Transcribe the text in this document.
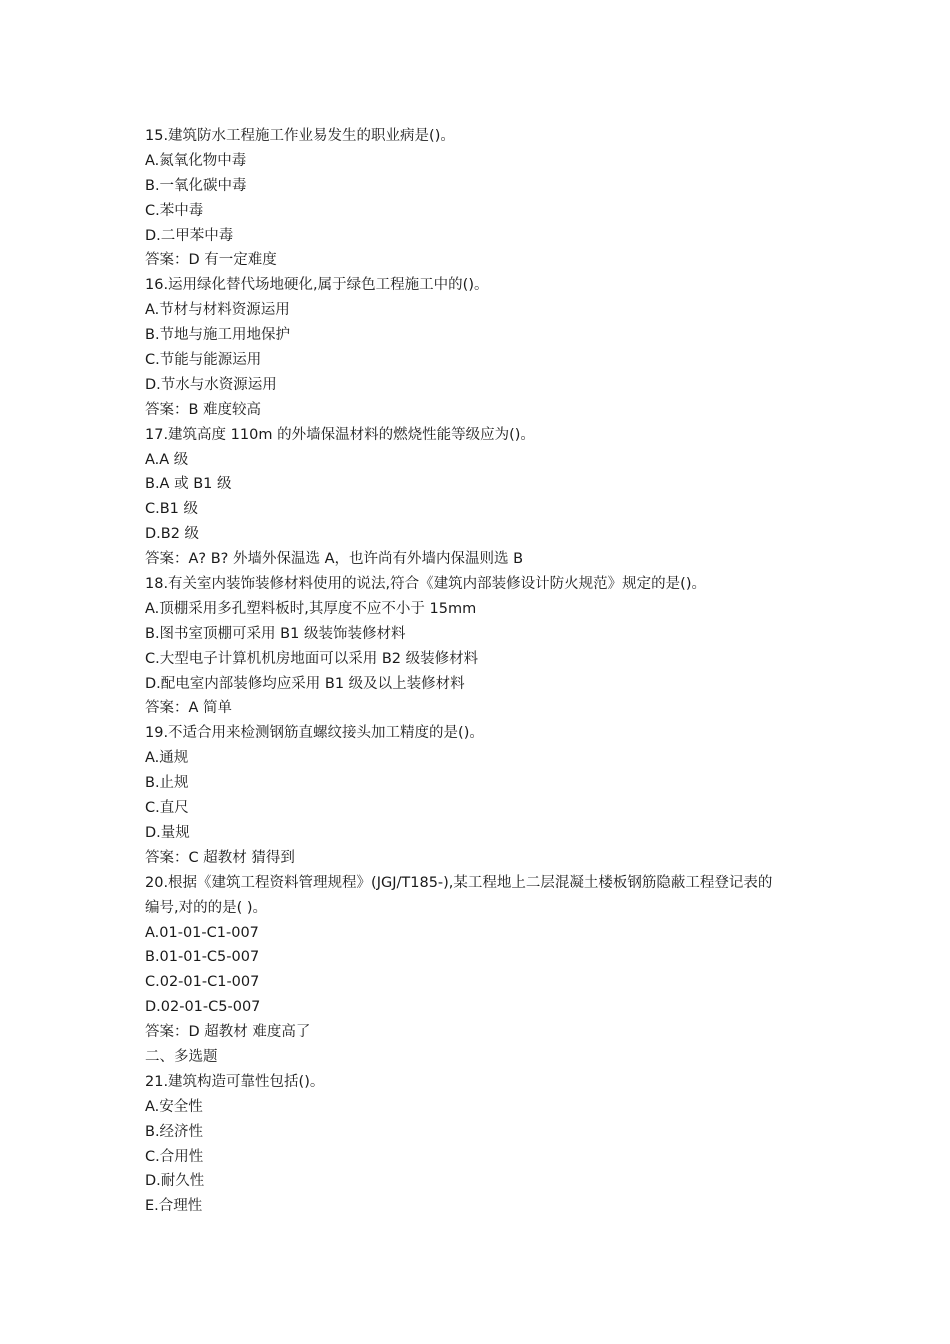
15.建筑防水工程施工作业易发生的职业病是()。
A.氮氧化物中毒
B.一氧化碳中毒
C.苯中毒
D.二甲苯中毒
答案：D 有一定难度
16.运用绿化替代场地硬化,属于绿色工程施工中的()。
A.节材与材料资源运用
B.节地与施工用地保护
C.节能与能源运用
D.节水与水资源运用
答案：B 难度较高
17.建筑高度 110m 的外墙保温材料的燃烧性能等级应为()。
A.A 级
B.A 或 B1 级
C.B1 级
D.B2 级
答案：A? B? 外墙外保温选 A，也许尚有外墙内保温则选 B
18.有关室内装饰装修材料使用的说法,符合《建筑内部装修设计防火规范》规定的是()。
A.顶棚采用多孔塑料板时,其厚度不应不小于 15mm
B.图书室顶棚可采用 B1 级装饰装修材料
C.大型电子计算机机房地面可以采用 B2 级装修材料
D.配电室内部装修均应采用 B1 级及以上装修材料
答案：A 简单
19.不适合用来检测钢筋直螺纹接头加工精度的是()。
A.通规
B.止规
C.直尺
D.量规
答案：C 超教材 猜得到
20.根据《建筑工程资料管理规程》(JGJ/T185-),某工程地上二层混凝土楼板钢筋隐蔽工程登记表的
编号,对的的是( )。
A.01-01-C1-007
B.01-01-C5-007
C.02-01-C1-007
D.02-01-C5-007
答案：D 超教材 难度高了
二、多选题
21.建筑构造可靠性包括()。
A.安全性
B.经济性
C.合用性
D.耐久性
E.合理性
